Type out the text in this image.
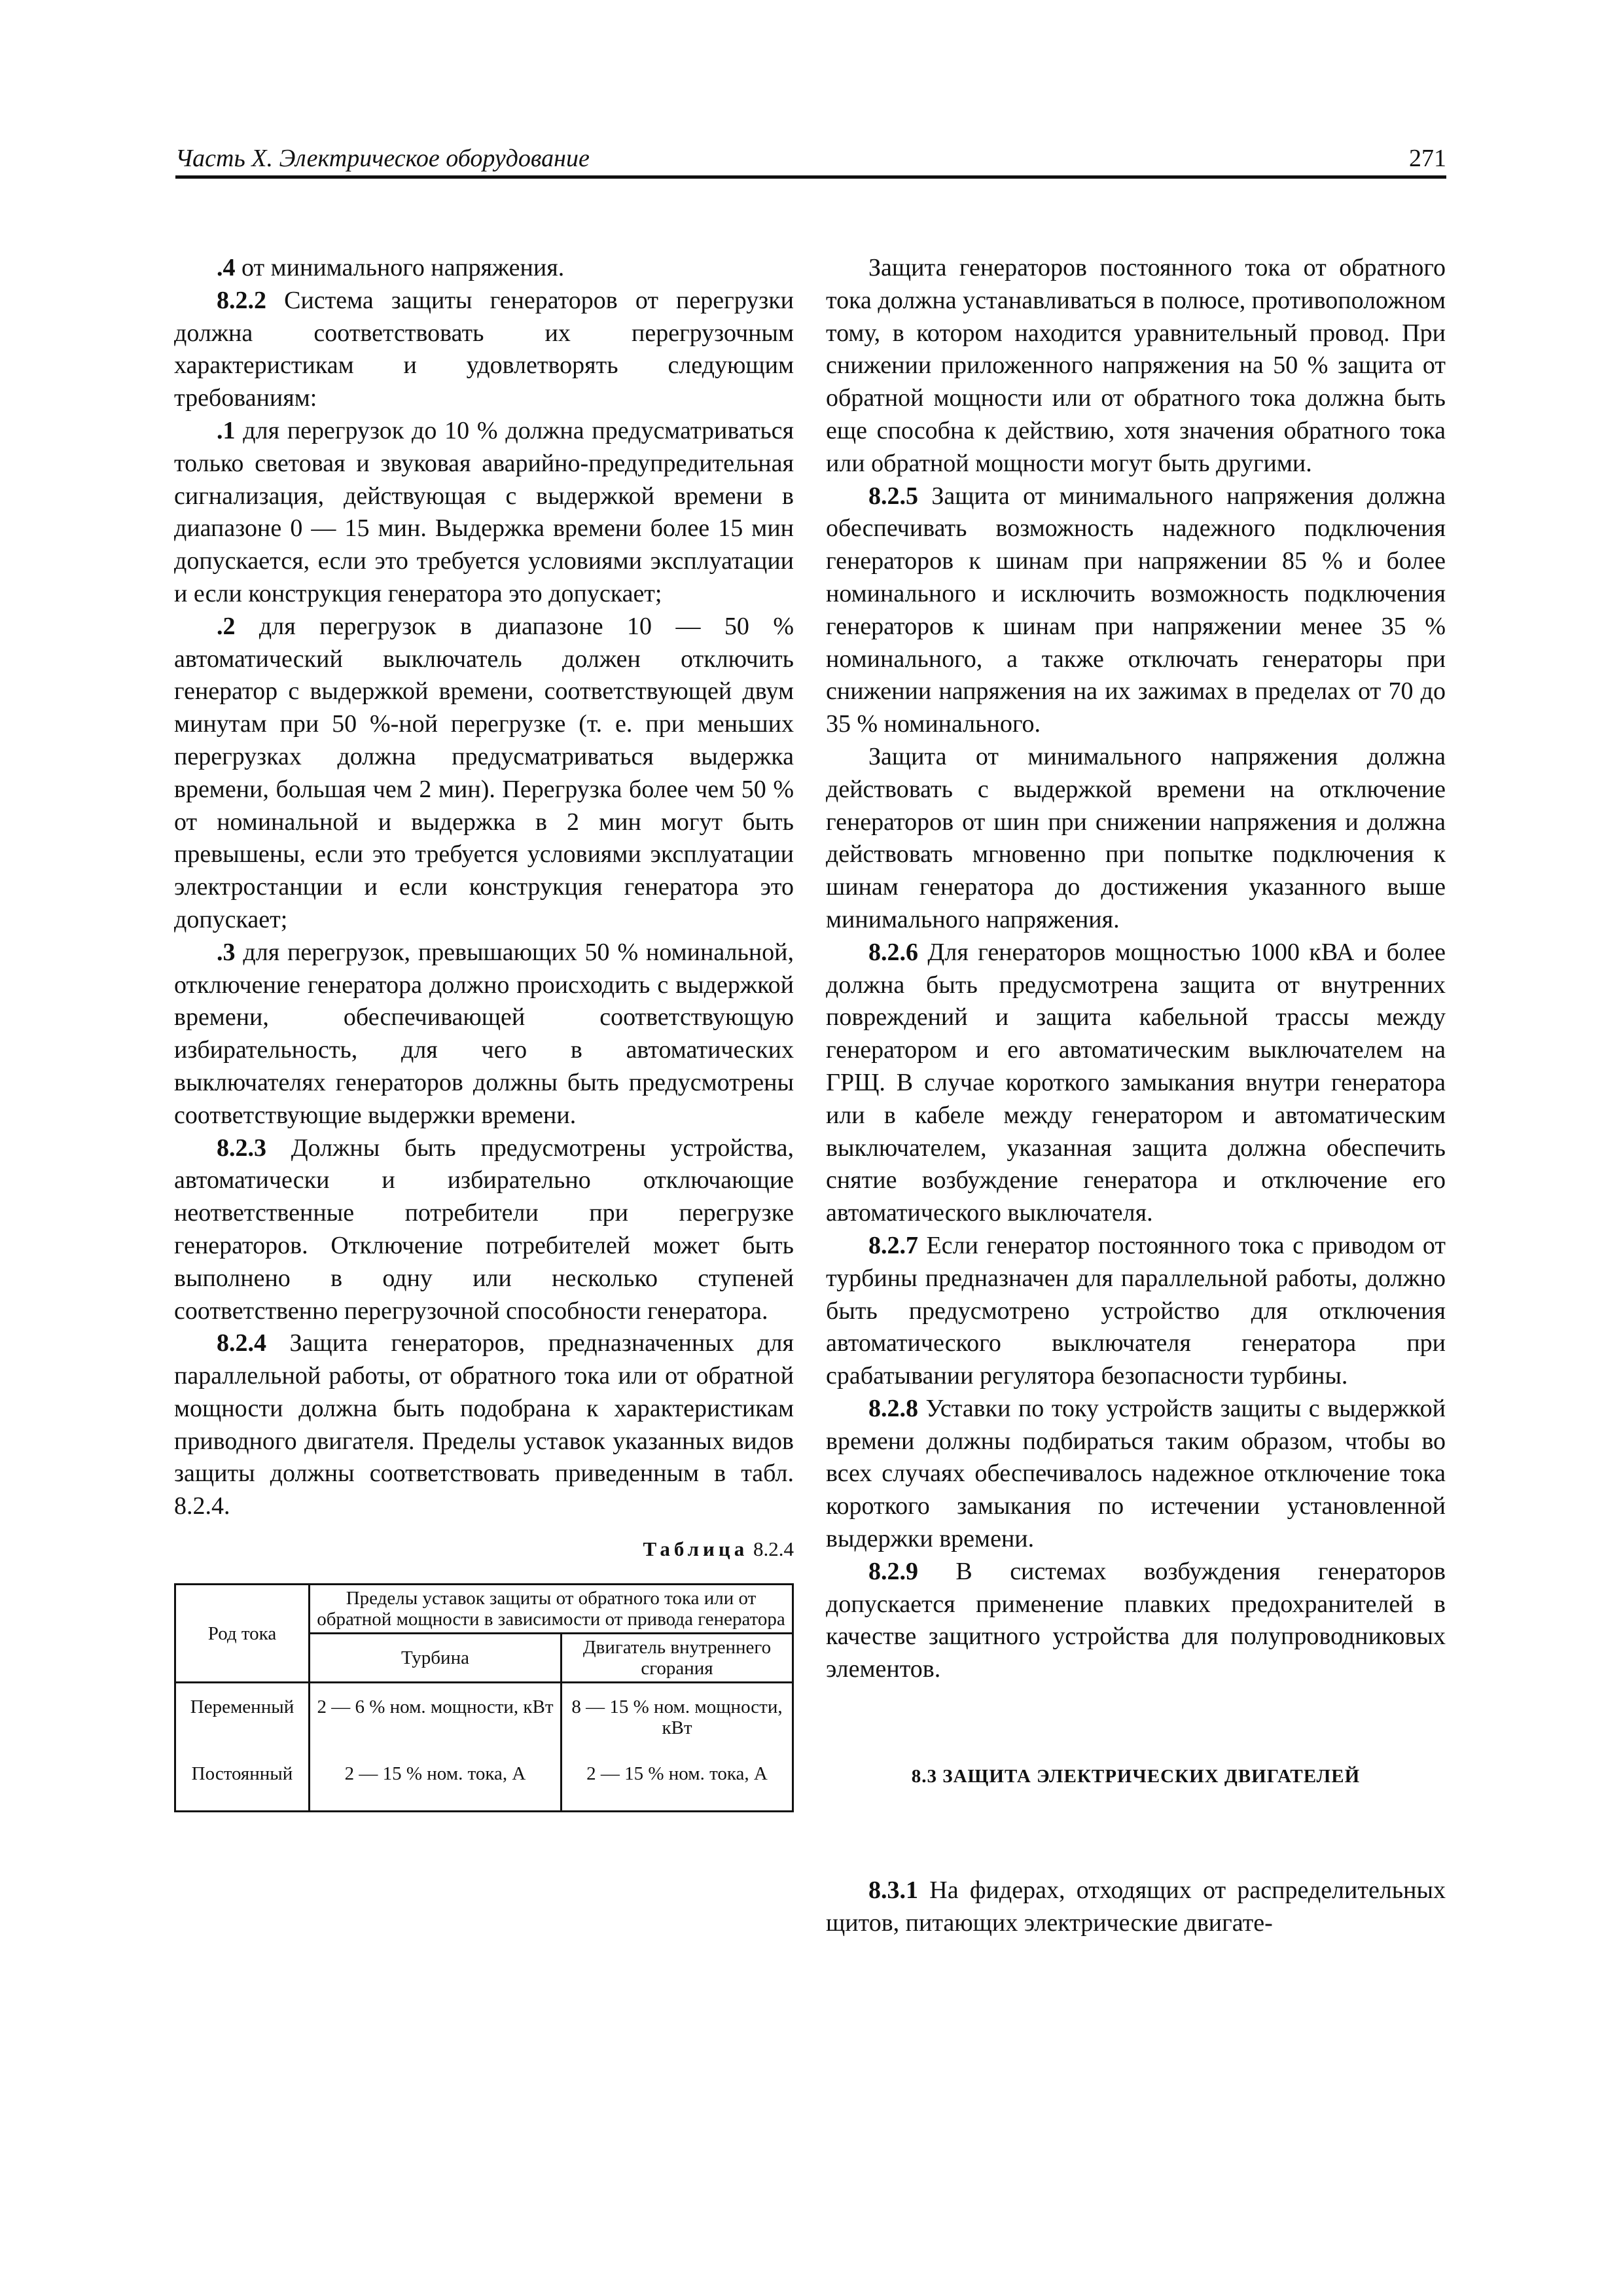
Часть X. Электрическое оборудование	271

.4 от минимального напряжения.

8.2.2 Система защиты генераторов от перегрузки должна соответствовать их перегрузочным характеристикам и удовлетворять следующим требованиям:

.1 для перегрузок до 10 % должна предусматриваться только световая и звуковая аварийно-предупредительная сигнализация, действующая с выдержкой времени в диапазоне 0 — 15 мин. Выдержка времени более 15 мин допускается, если это требуется условиями эксплуатации и если конструкция генератора это допускает;

.2 для перегрузок в диапазоне 10 — 50 % автоматический выключатель должен отключить генератор с выдержкой времени, соответствующей двум минутам при 50 %-ной перегрузке (т. е. при меньших перегрузках должна предусматриваться выдержка времени, большая чем 2 мин). Перегрузка более чем 50 % от номинальной и выдержка в 2 мин могут быть превышены, если это требуется условиями эксплуатации электростанции и если конструкция генератора это допускает;

.3 для перегрузок, превышающих 50 % номинальной, отключение генератора должно происходить с выдержкой времени, обеспечивающей соответствующую избирательность, для чего в автоматических выключателях генераторов должны быть предусмотрены соответствующие выдержки времени.

8.2.3 Должны быть предусмотрены устройства, автоматически и избирательно отключающие неответственные потребители при перегрузке генераторов. Отключение потребителей может быть выполнено в одну или несколько ступеней соответственно перегрузочной способности генератора.

8.2.4 Защита генераторов, предназначенных для параллельной работы, от обратного тока или от обратной мощности должна быть подобрана к характеристикам приводного двигателя. Пределы уставок указанных видов защиты должны соответствовать приведенным в табл. 8.2.4.

Таблица 8.2.4
Род тока	Пределы уставок защиты от обратного тока или от обратной мощности в зависимости от привода генератора	
	Турбина	Двигатель внутреннего сгорания
Переменный	2 — 6 % ном. мощности, кВт	8 — 15 % ном. мощности, кВт
Постоянный	2 — 15 % ном. тока, А	2 — 15 % ном. тока, А

Защита генераторов постоянного тока от обратного тока должна устанавливаться в полюсе, противоположном тому, в котором находится уравнительный провод. При снижении приложенного напряжения на 50 % защита от обратной мощности или от обратного тока должна быть еще способна к действию, хотя значения обратного тока или обратной мощности могут быть другими.

8.2.5 Защита от минимального напряжения должна обеспечивать возможность надежного подключения генераторов к шинам при напряжении 85 % и более номинального и исключить возможность подключения генераторов к шинам при напряжении менее 35 % номинального, а также отключать генераторы при снижении напряжения на их зажимах в пределах от 70 до 35 % номинального.

Защита от минимального напряжения должна действовать с выдержкой времени на отключение генераторов от шин при снижении напряжения и должна действовать мгновенно при попытке подключения к шинам генератора до достижения указанного выше минимального напряжения.

8.2.6 Для генераторов мощностью 1000 кВА и более должна быть предусмотрена защита от внутренних повреждений и защита кабельной трассы между генератором и его автоматическим выключателем на ГРЩ. В случае короткого замыкания внутри генератора или в кабеле между генератором и автоматическим выключателем, указанная защита должна обеспечить снятие возбуждение генератора и отключение его автоматического выключателя.

8.2.7 Если генератор постоянного тока с приводом от турбины предназначен для параллельной работы, должно быть предусмотрено устройство для отключения автоматического выключателя генератора при срабатывании регулятора безопасности турбины.

8.2.8 Уставки по току устройств защиты с выдержкой времени должны подбираться таким образом, чтобы во всех случаях обеспечивалось надежное отключение тока короткого замыкания по истечении установленной выдержки времени.

8.2.9 В системах возбуждения генераторов допускается применение плавких предохранителей в качестве защитного устройства для полупроводниковых элементов.

8.3 ЗАЩИТА ЭЛЕКТРИЧЕСКИХ ДВИГАТЕЛЕЙ

8.3.1 На фидерах, отходящих от распределительных щитов, питающих электрические двигате-
